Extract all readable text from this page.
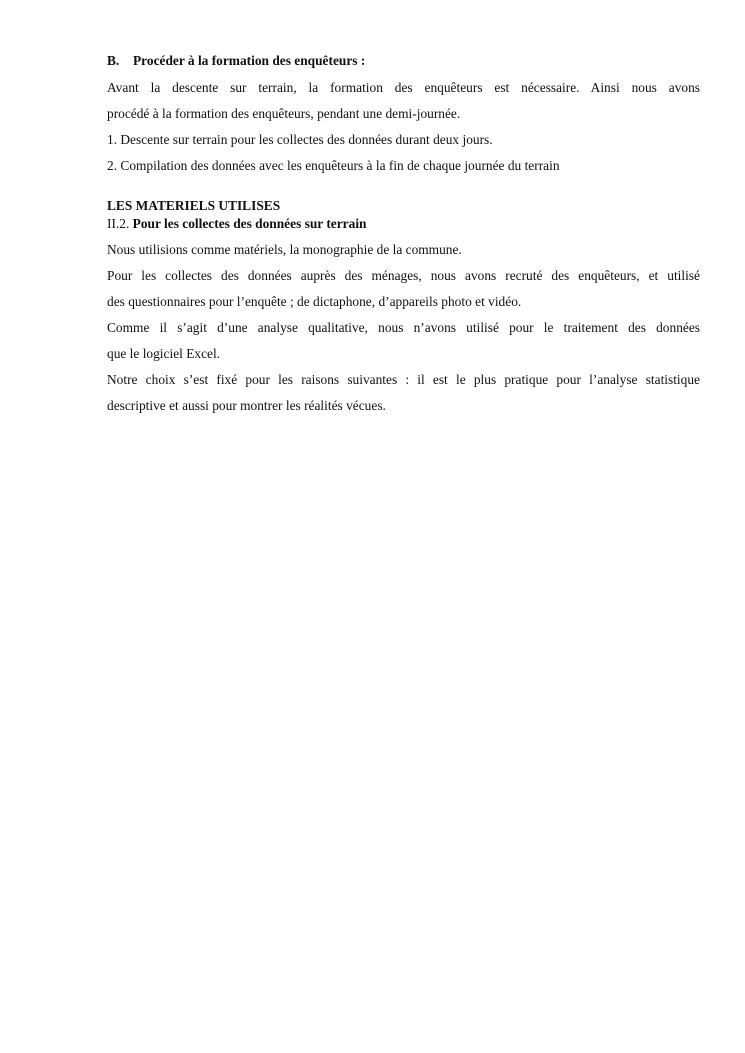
B. Procéder à la formation des enquêteurs :

Avant la descente sur terrain, la formation des enquêteurs est nécessaire. Ainsi nous avons

procédé à la formation des enquêteurs, pendant une demi-journée.

1. Descente sur terrain pour les collectes des données durant deux jours.

2. Compilation des données avec les enquêteurs à la fin de chaque journée du terrain

LES MATERIELS UTILISES
II.2. Pour les collectes des données sur terrain

Nous utilisions comme matériels, la monographie de la commune.

Pour les collectes des données auprès des ménages, nous avons recruté des enquêteurs, et utilisé

des questionnaires pour l’enquête ; de dictaphone, d’appareils photo et vidéo.

Comme il s’agit d’une analyse qualitative, nous n’avons utilisé pour le traitement des données

que le logiciel Excel.

Notre choix s’est fixé pour les raisons suivantes : il est le plus pratique pour l’analyse statistique

descriptive et aussi pour montrer les réalités vécues.
